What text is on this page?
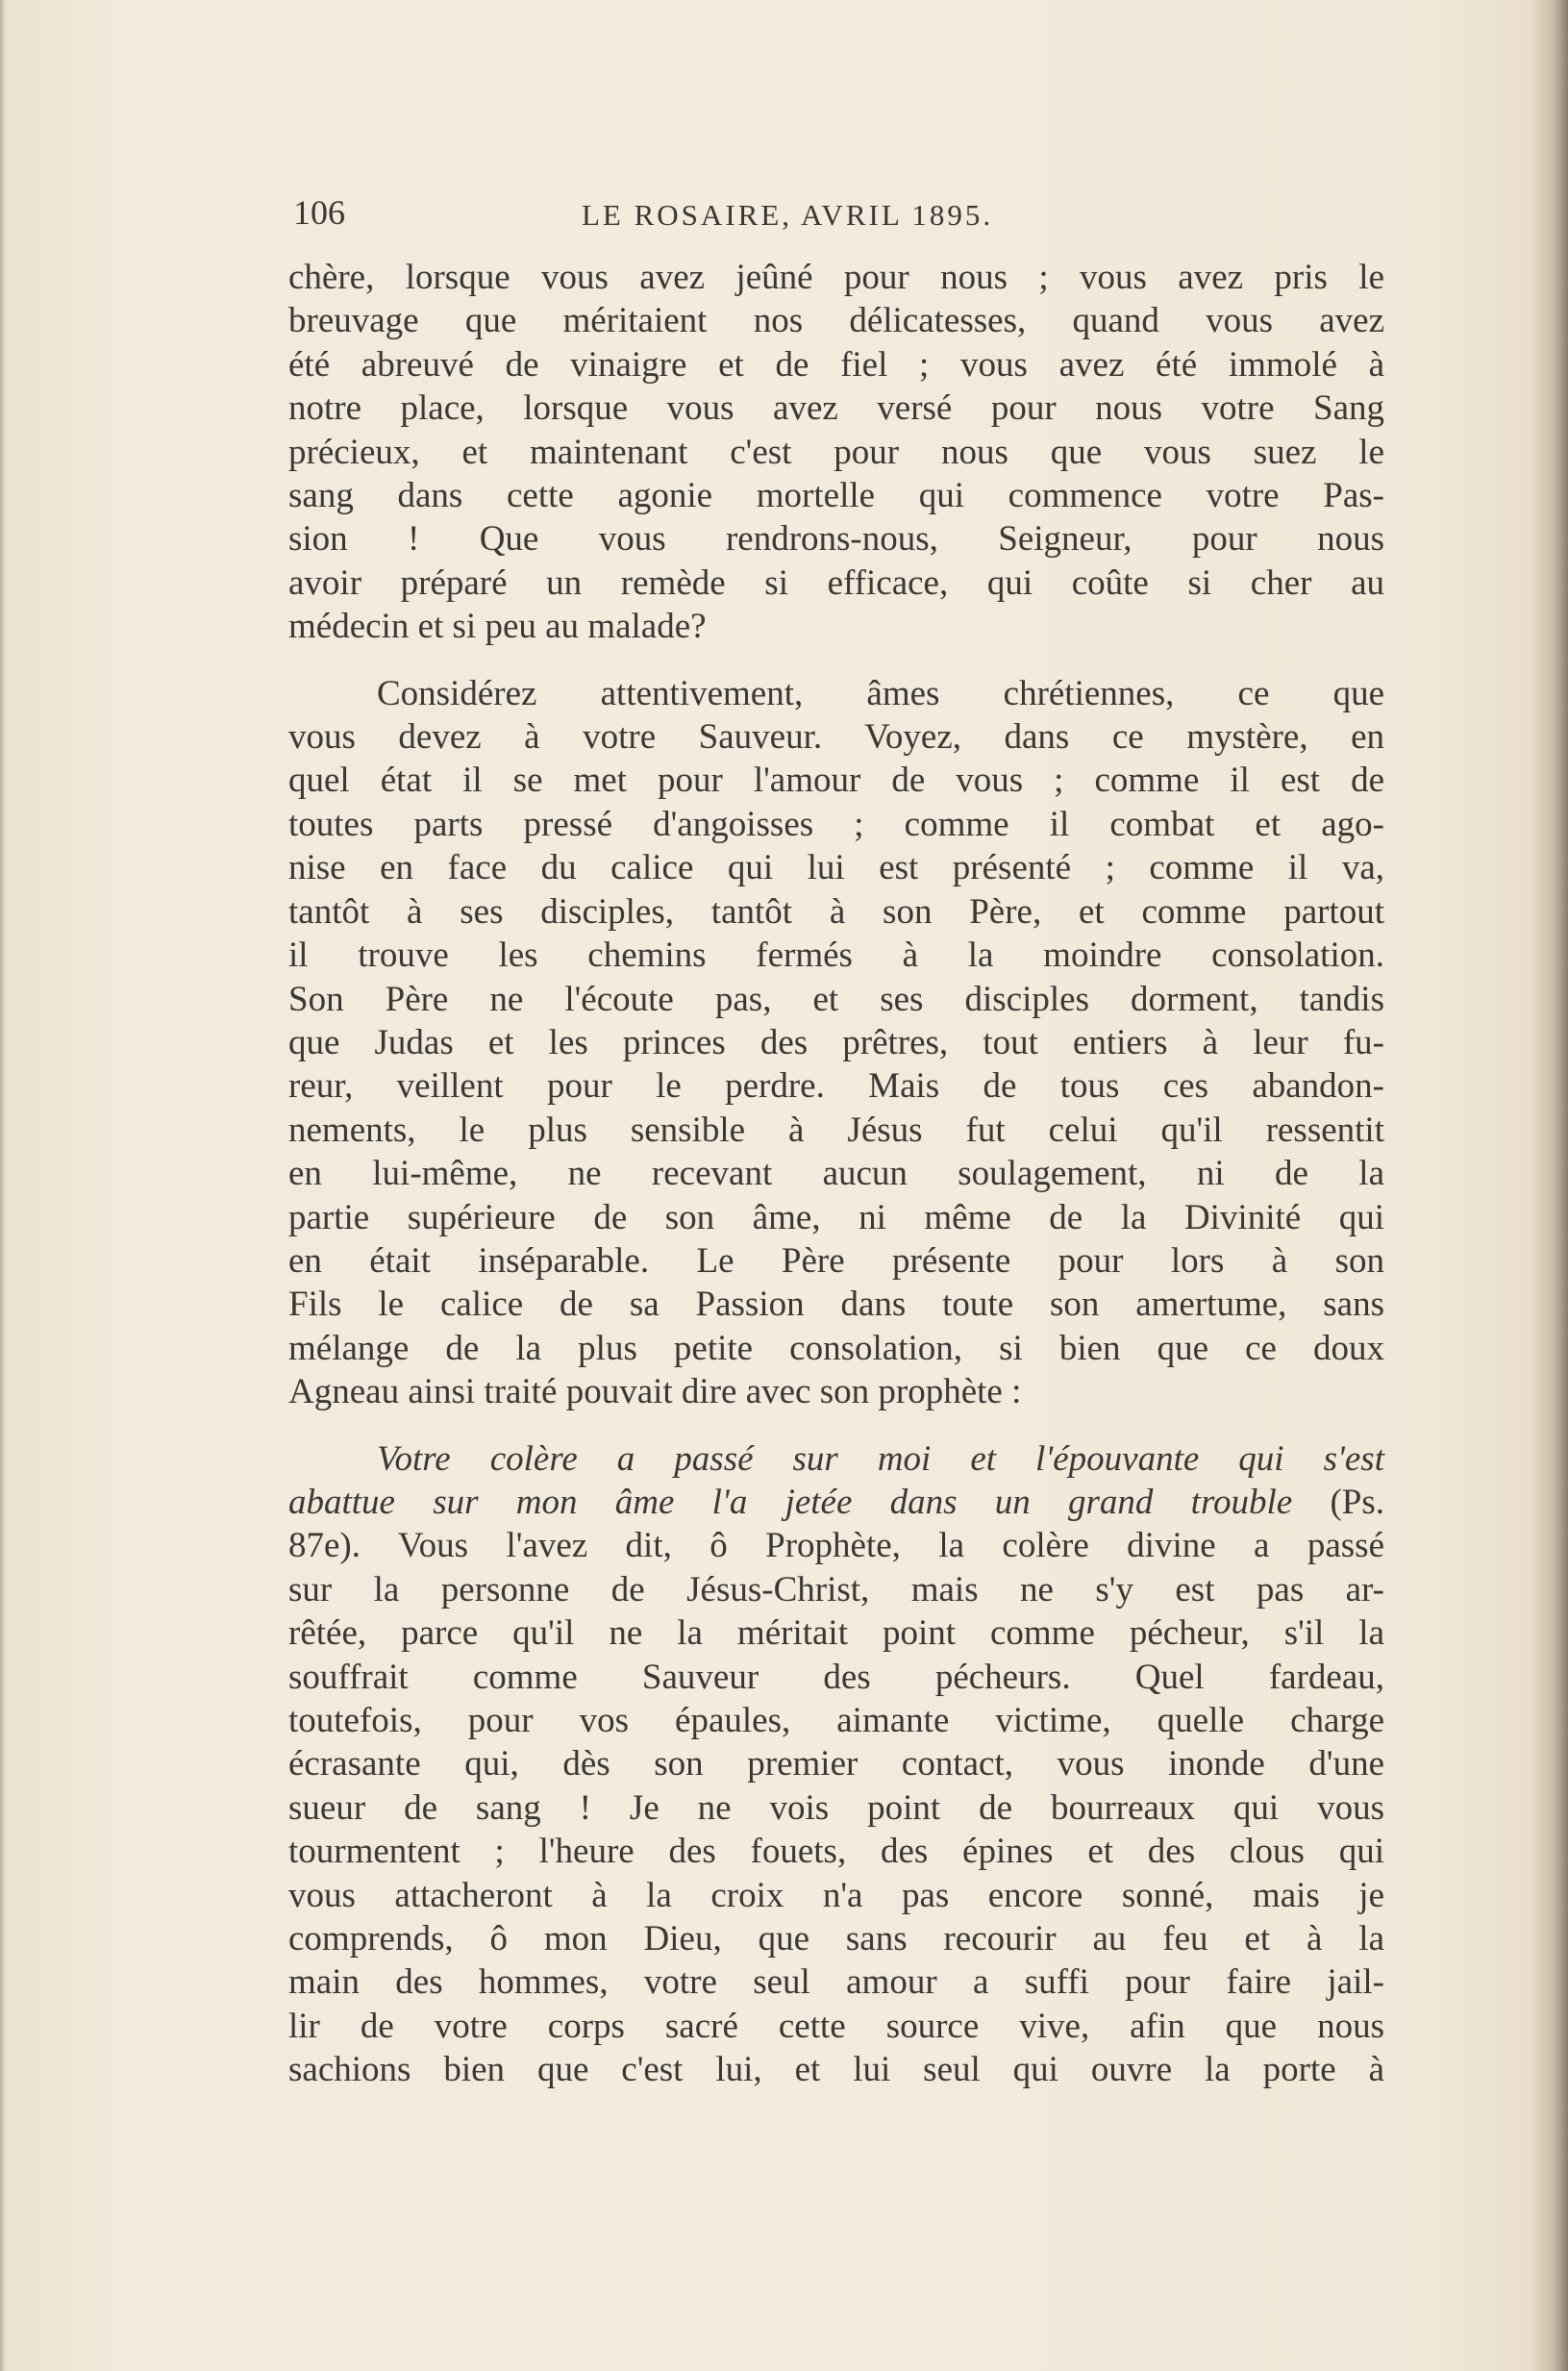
106	LE ROSAIRE, AVRIL 1895.
chère, lorsque vous avez jeûné pour nous ; vous avez pris le
breuvage que méritaient nos délicatesses, quand vous avez
été abreuvé de vinaigre et de fiel ; vous avez été immolé à
notre place, lorsque vous avez versé pour nous votre Sang
précieux, et maintenant c'est pour nous que vous suez le
sang dans cette agonie mortelle qui commence votre Pas-
sion ! Que vous rendrons-nous, Seigneur, pour nous
avoir préparé un remède si efficace, qui coûte si cher au
médecin et si peu au malade?
Considérez attentivement, âmes chrétiennes, ce que
vous devez à votre Sauveur. Voyez, dans ce mystère, en
quel état il se met pour l'amour de vous ; comme il est de
toutes parts pressé d'angoisses ; comme il combat et ago-
nise en face du calice qui lui est présenté ; comme il va,
tantôt à ses disciples, tantôt à son Père, et comme partout
il trouve les chemins fermés à la moindre consolation.
Son Père ne l'écoute pas, et ses disciples dorment, tandis
que Judas et les princes des prêtres, tout entiers à leur fu-
reur, veillent pour le perdre. Mais de tous ces abandon-
nements, le plus sensible à Jésus fut celui qu'il ressentit
en lui-même, ne recevant aucun soulagement, ni de la
partie supérieure de son âme, ni même de la Divinité qui
en était inséparable. Le Père présente pour lors à son
Fils le calice de sa Passion dans toute son amertume, sans
mélange de la plus petite consolation, si bien que ce doux
Agneau ainsi traité pouvait dire avec son prophète :
Votre colère a passé sur moi et l'épouvante qui s'est
abattue sur mon âme l'a jetée dans un grand trouble (Ps.
87e). Vous l'avez dit, ô Prophète, la colère divine a passé
sur la personne de Jésus-Christ, mais ne s'y est pas ar-
rêtée, parce qu'il ne la méritait point comme pécheur, s'il la
souffrait comme Sauveur des pécheurs. Quel fardeau,
toutefois, pour vos épaules, aimante victime, quelle charge
écrasante qui, dès son premier contact, vous inonde d'une
sueur de sang ! Je ne vois point de bourreaux qui vous
tourmentent ; l'heure des fouets, des épines et des clous qui
vous attacheront à la croix n'a pas encore sonné, mais je
comprends, ô mon Dieu, que sans recourir au feu et à la
main des hommes, votre seul amour a suffi pour faire jail-
lir de votre corps sacré cette source vive, afin que nous
sachions bien que c'est lui, et lui seul qui ouvre la porte à
